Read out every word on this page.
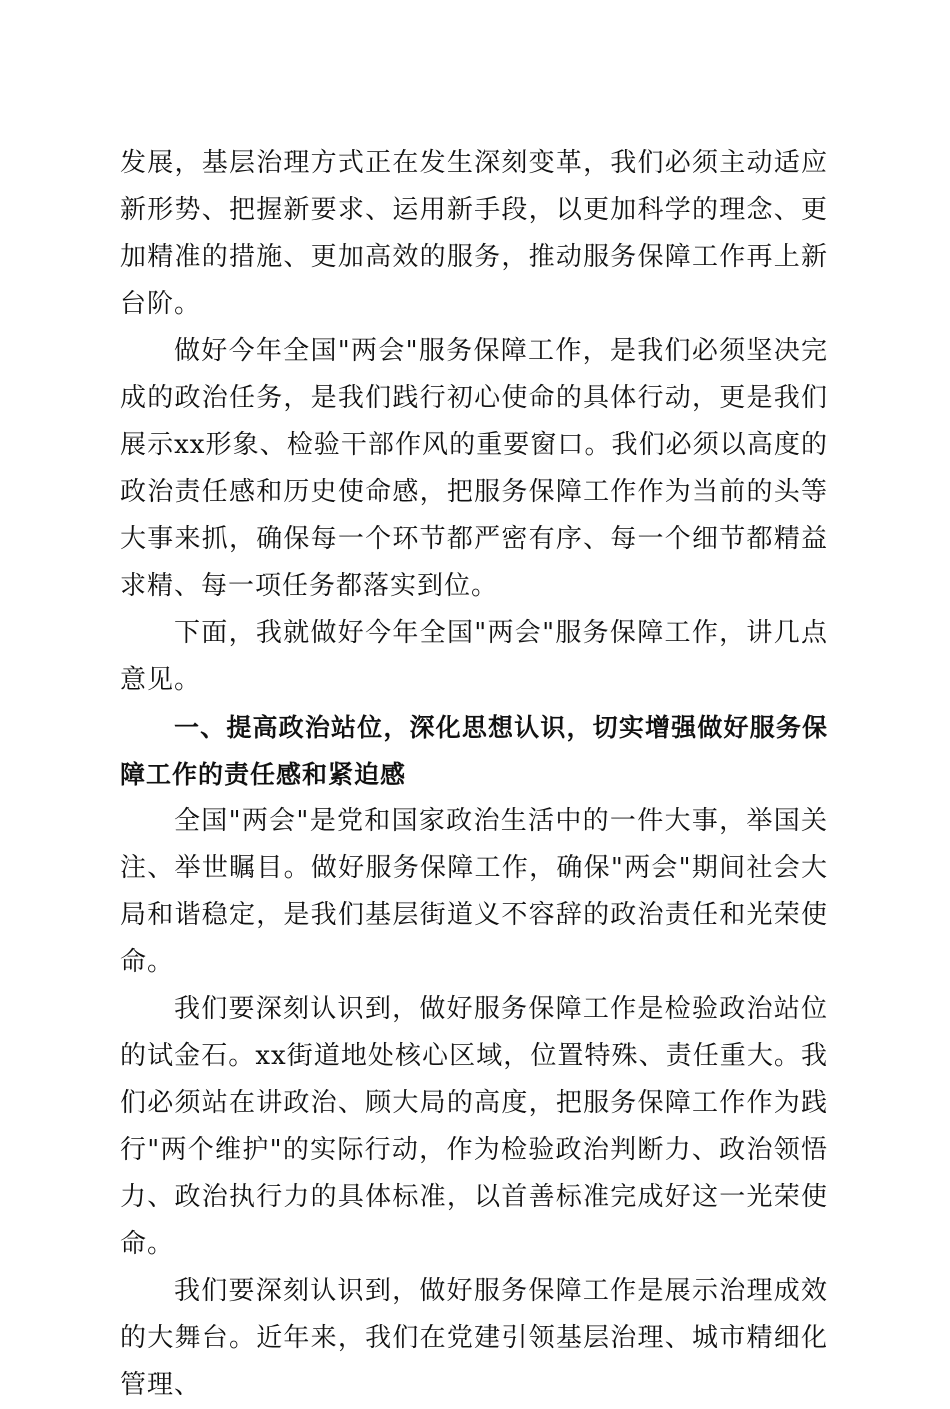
发展，基层治理方式正在发生深刻变革，我们必须主动适应新形势、把握新要求、运用新手段，以更加科学的理念、更加精准的措施、更加高效的服务，推动服务保障工作再上新台阶。

做好今年全国"两会"服务保障工作，是我们必须坚决完成的政治任务，是我们践行初心使命的具体行动，更是我们展示xx形象、检验干部作风的重要窗口。我们必须以高度的政治责任感和历史使命感，把服务保障工作作为当前的头等大事来抓，确保每一个环节都严密有序、每一个细节都精益求精、每一项任务都落实到位。

下面，我就做好今年全国"两会"服务保障工作，讲几点意见。

一、提高政治站位，深化思想认识，切实增强做好服务保障工作的责任感和紧迫感

全国"两会"是党和国家政治生活中的一件大事，举国关注、举世瞩目。做好服务保障工作，确保"两会"期间社会大局和谐稳定，是我们基层街道义不容辞的政治责任和光荣使命。

我们要深刻认识到，做好服务保障工作是检验政治站位的试金石。xx街道地处核心区域，位置特殊、责任重大。我们必须站在讲政治、顾大局的高度，把服务保障工作作为践行"两个维护"的实际行动，作为检验政治判断力、政治领悟力、政治执行力的具体标准，以首善标准完成好这一光荣使命。

我们要深刻认识到，做好服务保障工作是展示治理成效的大舞台。近年来，我们在党建引领基层治理、城市精细化管理、
